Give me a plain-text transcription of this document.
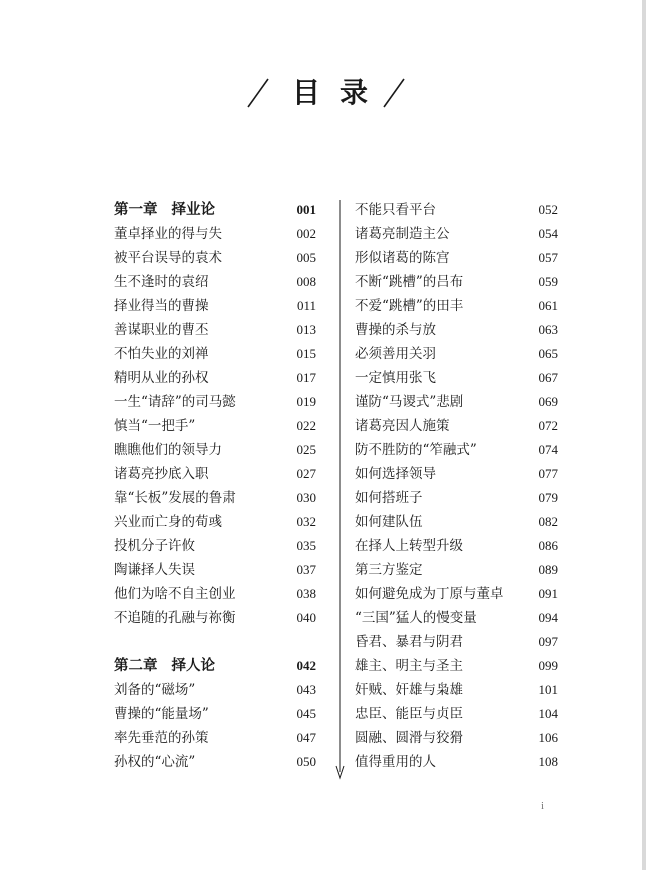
目 录
第一章 择业论	001
董卓择业的得与失	002
被平台误导的袁术	005
生不逢时的袁绍	008
择业得当的曹操	011
善谋职业的曹丕	013
不怕失业的刘禅	015
精明从业的孙权	017
一生“请辞”的司马懿	019
慎当“一把手”	022
瞧瞧他们的领导力	025
诸葛亮抄底入职	027
靠“长板”发展的鲁肃	030
兴业而亡身的荀彧	032
投机分子许攸	035
陶谦择人失误	037
他们为啥不自主创业	038
不追随的孔融与祢衡	040
第二章 择人论	042
刘备的“磁场”	043
曹操的“能量场”	045
率先垂范的孙策	047
孙权的“心流”	050
不能只看平台	052
诸葛亮制造主公	054
形似诸葛的陈宫	057
不断“跳槽”的吕布	059
不爱“跳槽”的田丰	061
曹操的杀与放	063
必须善用关羽	065
一定慎用张飞	067
谨防“马谡式”悲剧	069
诸葛亮因人施策	072
防不胜防的“笮融式”	074
如何选择领导	077
如何搭班子	079
如何建队伍	082
在择人上转型升级	086
第三方鉴定	089
如何避免成为丁原与董卓	091
“三国”猛人的慢变量	094
昏君、暴君与阴君	097
雄主、明主与圣主	099
奸贼、奸雄与枭雄	101
忠臣、能臣与贞臣	104
圆融、圆滑与狡猾	106
值得重用的人	108
i
